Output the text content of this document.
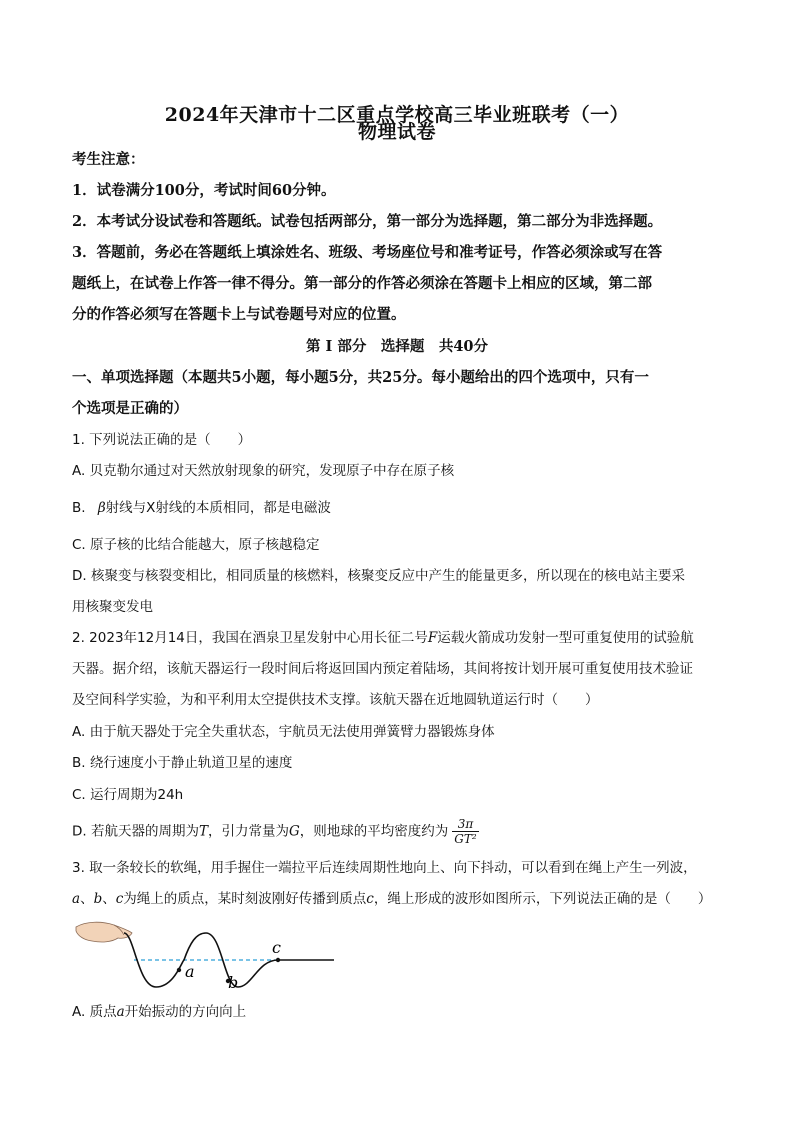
2024年天津市十二区重点学校高三毕业班联考（一）
物理试卷
考生注意：
1．试卷满分100分，考试时间60分钟。
2．本考试分设试卷和答题纸。试卷包括两部分，第一部分为选择题，第二部分为非选择题。
3．答题前，务必在答题纸上填涂姓名、班级、考场座位号和准考证号，作答必须涂或写在答
题纸上，在试卷上作答一律不得分。第一部分的作答必须涂在答题卡上相应的区域，第二部
分的作答必须写在答题卡上与试卷题号对应的位置。
第 I 部分　选择题　共40分
一、单项选择题（本题共5小题，每小题5分，共25分。每小题给出的四个选项中，只有一
个选项是正确的）
1. 下列说法正确的是（　　）
A. 贝克勒尔通过对天然放射现象的研究，发现原子中存在原子核
B. β射线与X射线的本质相同，都是电磁波
C. 原子核的比结合能越大，原子核越稳定
D. 核聚变与核裂变相比，相同质量的核燃料，核聚变反应中产生的能量更多，所以现在的核电站主要采
用核聚变发电
2. 2023年12月14日，我国在酒泉卫星发射中心用长征二号F运载火箭成功发射一型可重复使用的试验航
天器。据介绍，该航天器运行一段时间后将返回国内预定着陆场，其间将按计划开展可重复使用技术验证
及空间科学实验，为和平利用太空提供技术支撑。该航天器在近地圆轨道运行时（　　）
A. 由于航天器处于完全失重状态，宇航员无法使用弹簧臂力器锻炼身体
B. 绕行速度小于静止轨道卫星的速度
C. 运行周期为24h
D. 若航天器的周期为T，引力常量为G，则地球的平均密度约为 $\frac{3\pi}{\text{GT²}}$
3. 取一条较长的软绳，用手握住一端拉平后连续周期性地向上、向下抖动，可以看到在绳上产生一列波，
a、b、c为绳上的质点，某时刻波刚好传播到质点c，绳上形成的波形如图所示，下列说法正确的是（　　）
a
b
c
A. 质点a开始振动的方向向上
